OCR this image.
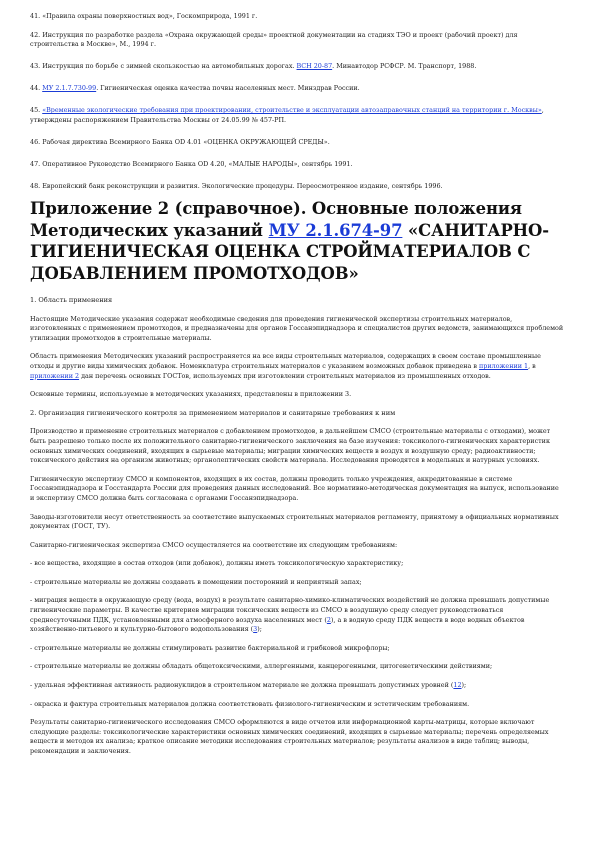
41. «Правила охраны поверхностных вод», Госкомприрода, 1991 г.

42. Инструкция по разработке раздела «Охрана окружающей среды» проектной документации на стадиях ТЭО и проект (рабочий проект) для строительства в Москве», М., 1994 г.

43. Инструкция по борьбе с зимней скользкостью на автомобильных дорогах. ВСН 20-87. Минавтодор РСФСР. М. Транспорт, 1988.

44. МУ 2.1.7.730-99. Гигиеническая оценка качества почвы населенных мест. Минздрав России.

45. «Временные экологические требования при проектировании, строительстве и эксплуатации автозаправочных станций на территории г. Москвы», утверждены распоряжением Правительства Москвы от 24.05.99 № 457-РП.

46. Рабочая директива Всемирного Банка OD 4.01 «ОЦЕНКА ОКРУЖАЮЩЕЙ СРЕДЫ».

47. Оперативное Руководство Всемирного Банка OD 4.20, «МАЛЫЕ НАРОДЫ», сентябрь 1991.

48. Европейский банк реконструкции и развития. Экологические процедуры. Переосмотренное издание, сентябрь 1996.

Приложение 2 (справочное). Основные положения Методических указаний МУ 2.1.674-97 «САНИТАРНО-ГИГИЕНИЧЕСКАЯ ОЦЕНКА СТРОЙМАТЕРИАЛОВ С ДОБАВЛЕНИЕМ ПРОМОТХОДОВ»

1. Область применения

Настоящие Методические указания содержат необходимые сведения для проведения гигиенической экспертизы строительных материалов, изготовленных с применением промотходов, и предназначены для органов Госсанэпиднадзора и специалистов других ведомств, занимающихся проблемой утилизации промотходов в строительные материалы.

Область применения Методических указаний распространяется на все виды строительных материалов, содержащих в своем составе промышленные отходы и другие виды химических добавок. Номенклатура строительных материалов с указанием возможных добавок приведена в приложении 1, в приложении 2 дан перечень основных ГОСТов, используемых при изготовлении строительных материалов из промышленных отходов.

Основные термины, используемые в методических указаниях, представлены в приложении 3.

2. Организация гигиенического контроля за применением материалов и санитарные требования к ним

Производство и применение строительных материалов с добавлением промотходов, в дальнейшем СМСО (строительные материалы с отходами), может быть разрешено только после их положительного санитарно-гигиенического заключения на базе изучения: токсиколого-гигиенических характеристик основных химических соединений, входящих в сырьевые материалы; миграции химических веществ в воздух и воздушную среду; радиоактивности; токсического действия на организм животных; органолептических свойств материала. Исследования проводятся в модельных и натурных условиях.

Гигиеническую экспертизу СМСО и компонентов, входящих в их состав, должны проводить только учреждения, аккредитованные в системе Госсанэпиднадзора и Госстандарта России для проведения данных исследований. Все нормативно-методическая документация на выпуск, использование и экспертизу СМСО должна быть согласована с органами Госсанэпиднадзора.

Заводы-изготовители несут ответственность за соответствие выпускаемых строительных материалов регламенту, принятому в официальных нормативных документах (ГОСТ, ТУ).

Санитарно-гигиеническая экспертиза СМСО осуществляется на соответствие их следующим требованиям:

- все вещества, входящие в состав отходов (или добавок), должны иметь токсикологическую характеристику;

- строительные материалы не должны создавать в помещении посторонний и неприятный запах;

- миграция веществ в окружающую среду (вода, воздух) в результате санитарно-химико-климатических воздействий не должна превышать допустимые гигиенические параметры. В качестве критериев миграции токсических веществ из СМСО в воздушную среду следует руководствоваться среднесуточными ПДК, установленными для атмосферного воздуха населенных мест (2), а в водную среду ПДК веществ в воде водных объектов хозяйственно-питьевого и культурно-бытового водопользования (3);

- строительные материалы не должны стимулировать развитие бактериальной и грибковой микрофлоры;

- строительные материалы не должны обладать общетоксическими, аллергенными, канцерогенными, цитогенетическими действиями;

- удельная эффективная активность радионуклидов в строительном материале не должна превышать допустимых уровней (12);

- окраска и фактура строительных материалов должна соответствовать физиолого-гигиеническим и эстетическим требованиям.

Результаты санитарно-гигиенического исследования СМСО оформляются в виде отчетов или информационной карты-матрицы, которые включают следующие разделы: токсикологические характеристики основных химических соединений, входящих в сырьевые материалы; перечень определяемых веществ и методов их анализа; краткое описание методики исследования строительных материалов; результаты анализов в виде таблиц; выводы, рекомендации и заключения.
